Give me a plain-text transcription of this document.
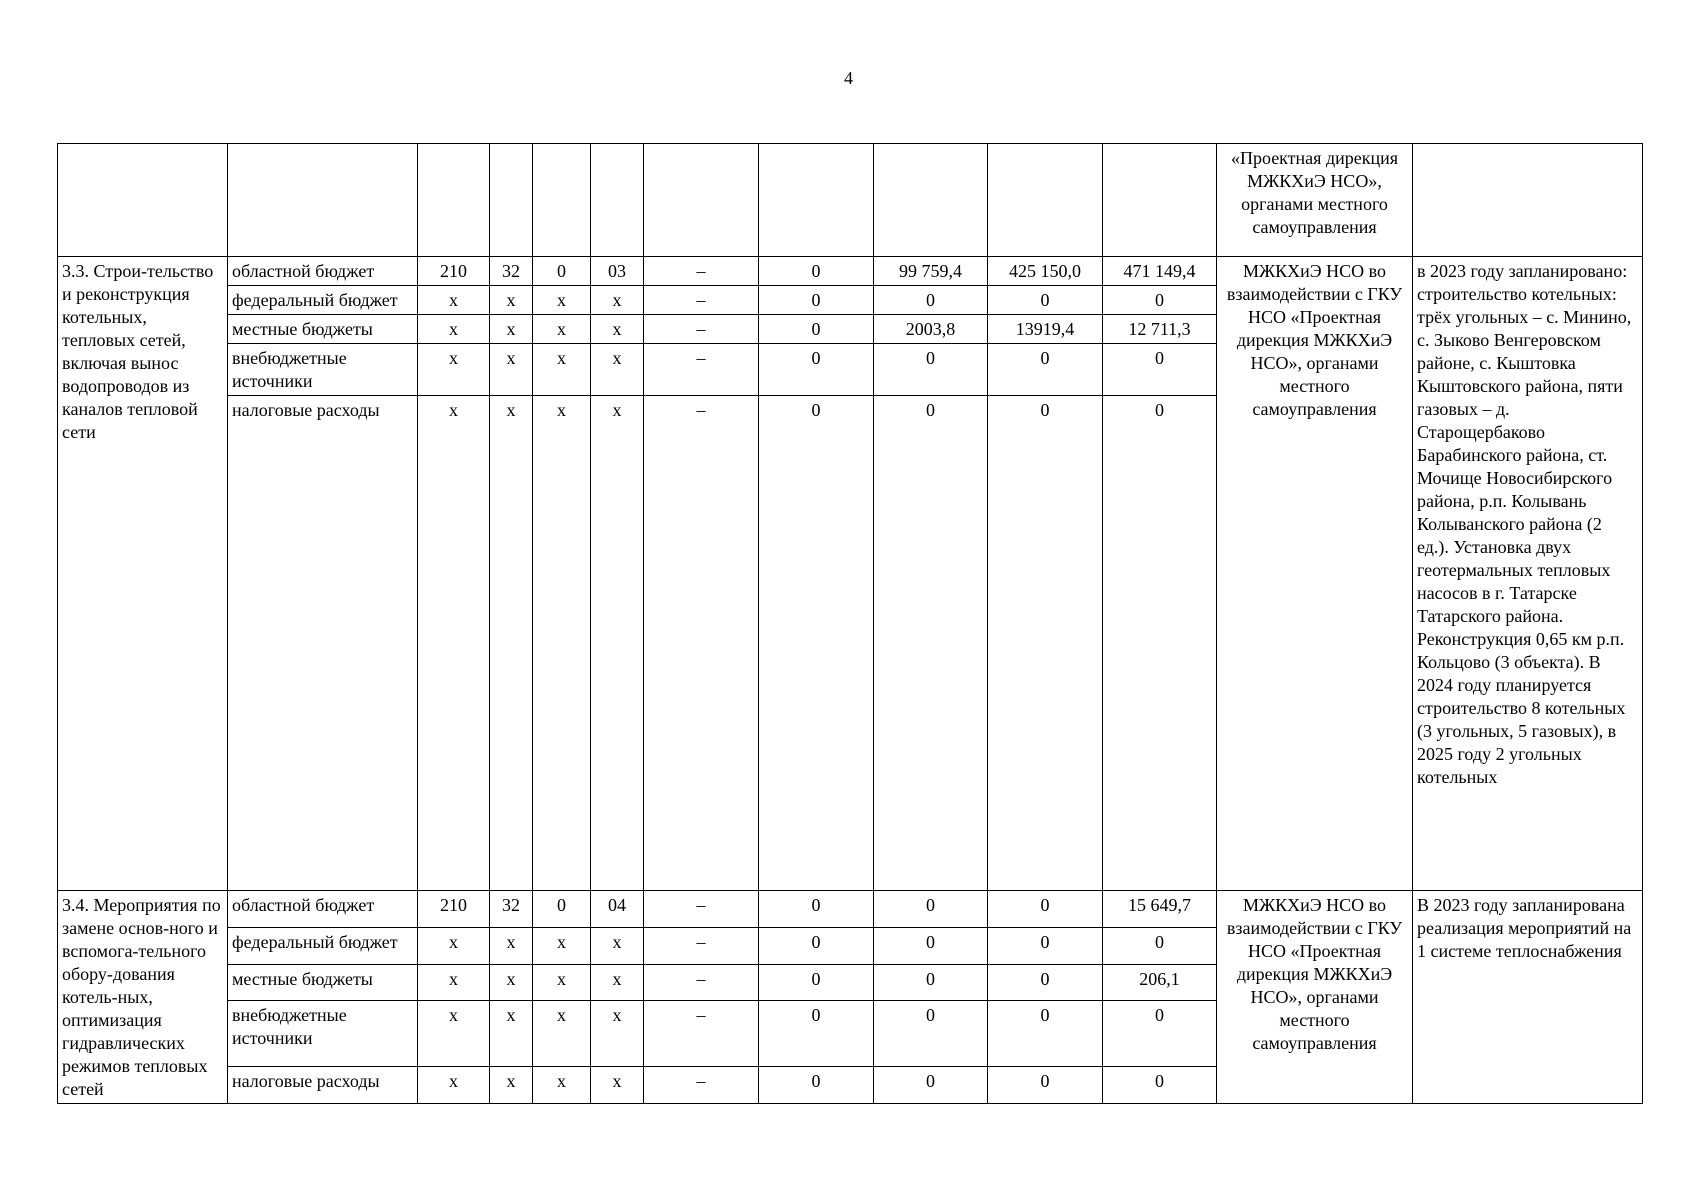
4
											«Проектная дирекция МЖКХиЭ НСО», органами местного самоуправления	
3.3. Строи-тельство и реконструкция котельных, тепловых сетей, включая вынос водопроводов из каналов тепловой сети	областной бюджет	210	32	0	03	–	0	99 759,4	425 150,0	471 149,4	МЖКХиЭ НСО во взаимодействии с ГКУ НСО «Проектная дирекция МЖКХиЭ НСО», органами местного самоуправления	в 2023 году запланировано: строительство котельных: трёх угольных – с. Минино, с. Зыково Венгеровском районе, с. Кыштовка Кыштовского района, пяти газовых – д. Старощербаково Барабинского района, ст. Мочище Новосибирского района, р.п. Колывань Колыванского района (2 ед.). Установка двух геотермальных тепловых насосов в г. Татарске Татарского района. Реконструкция 0,65 км р.п. Кольцово (3 объекта). В 2024 году планируется строительство 8 котельных (3 угольных, 5 газовых), в 2025 году 2 угольных котельных
	федеральный бюджет	х	х	х	х	–	0	0	0	0		
	местные бюджеты	х	х	х	х	–	0	2003,8	13919,4	12 711,3		
	внебюджетные источники	х	х	х	х	–	0	0	0	0		
	налоговые расходы	х	х	х	х	–	0	0	0	0		
3.4. Мероприятия по замене основ-ного и вспомога-тельного обору-дования котель-ных, оптимизация гидравлических режимов тепловых сетей	областной бюджет	210	32	0	04	–	0	0	0	15 649,7	МЖКХиЭ НСО во взаимодействии с ГКУ НСО «Проектная дирекция МЖКХиЭ НСО», органами местного самоуправления	В 2023 году запланирована реализация мероприятий на 1 системе теплоснабжения
	федеральный бюджет	х	х	х	х	–	0	0	0	0		
	местные бюджеты	х	х	х	х	–	0	0	0	206,1		
	внебюджетные источники	х	х	х	х	–	0	0	0	0		
	налоговые расходы	х	х	х	х	–	0	0	0	0		
